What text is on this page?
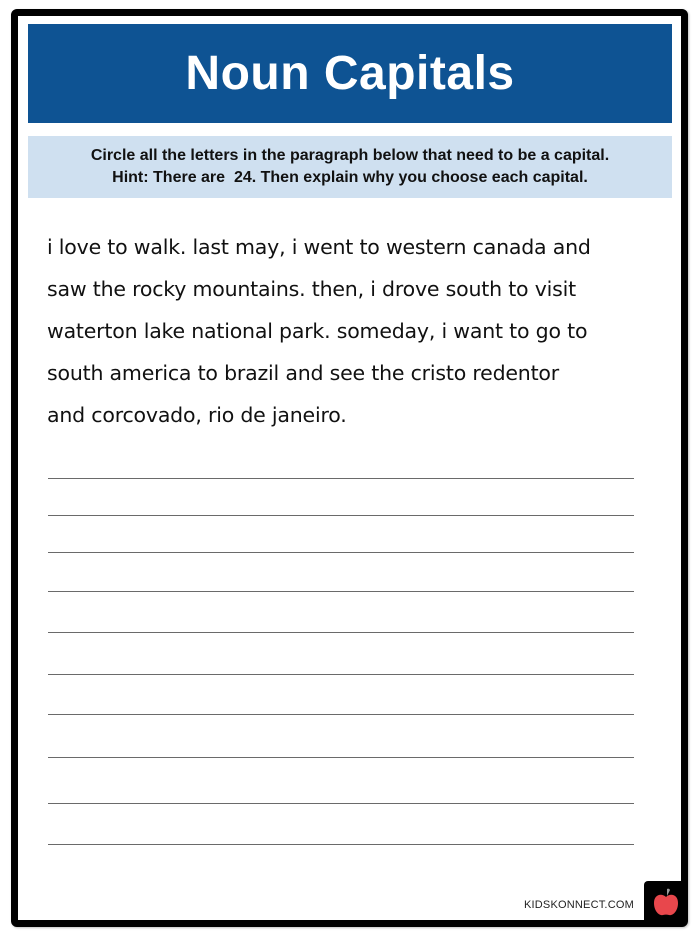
Noun Capitals
Circle all the letters in the paragraph below that need to be a capital.
Hint: There are  24. Then explain why you choose each capital.
i love to walk. last may, i went to western canada and
saw the rocky mountains. then, i drove south to visit
waterton lake national park. someday, i want to go to
south america to brazil and see the cristo redentor
and corcovado, rio de janeiro.
KIDSKONNECT.COM
